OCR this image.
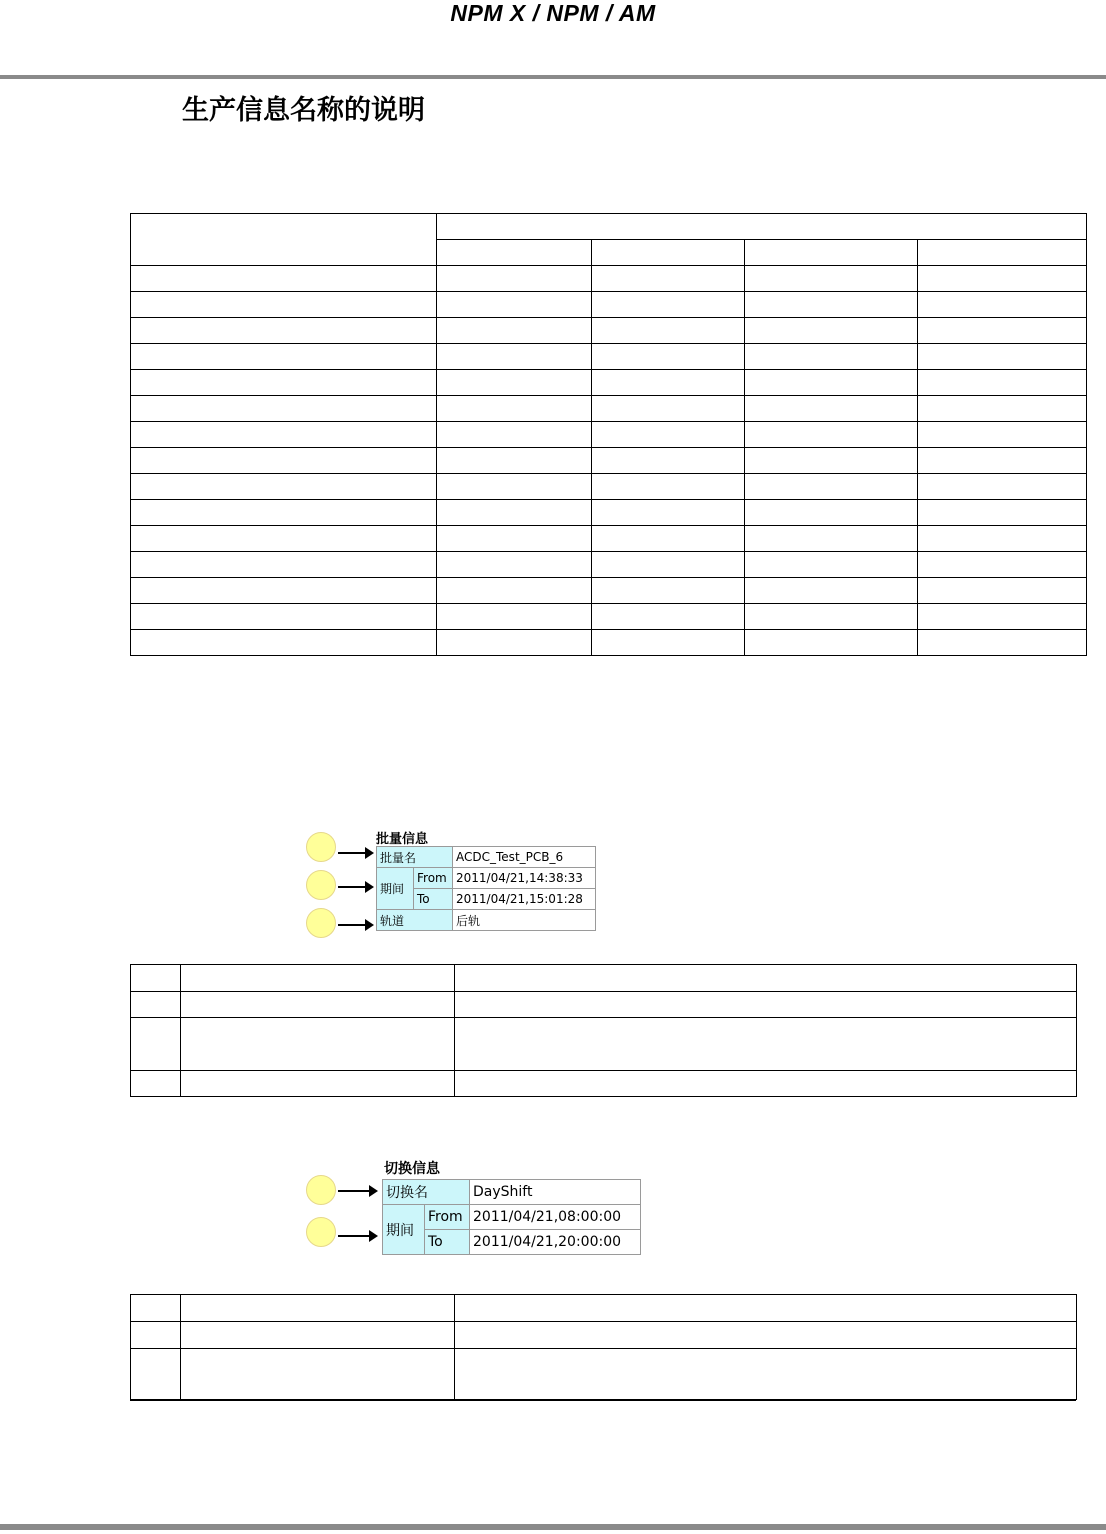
NPM X / NPM / AM
生产信息名称的说明

批量信息
批量名		ACDC_Test_PCB_6
期间	From	2011/04/21,14:38:33
	To	2011/04/21,15:01:28
轨道		后轨

切换信息
切换名		DayShift
期间	From	2011/04/21,08:00:00
	To	2011/04/21,20:00:00
